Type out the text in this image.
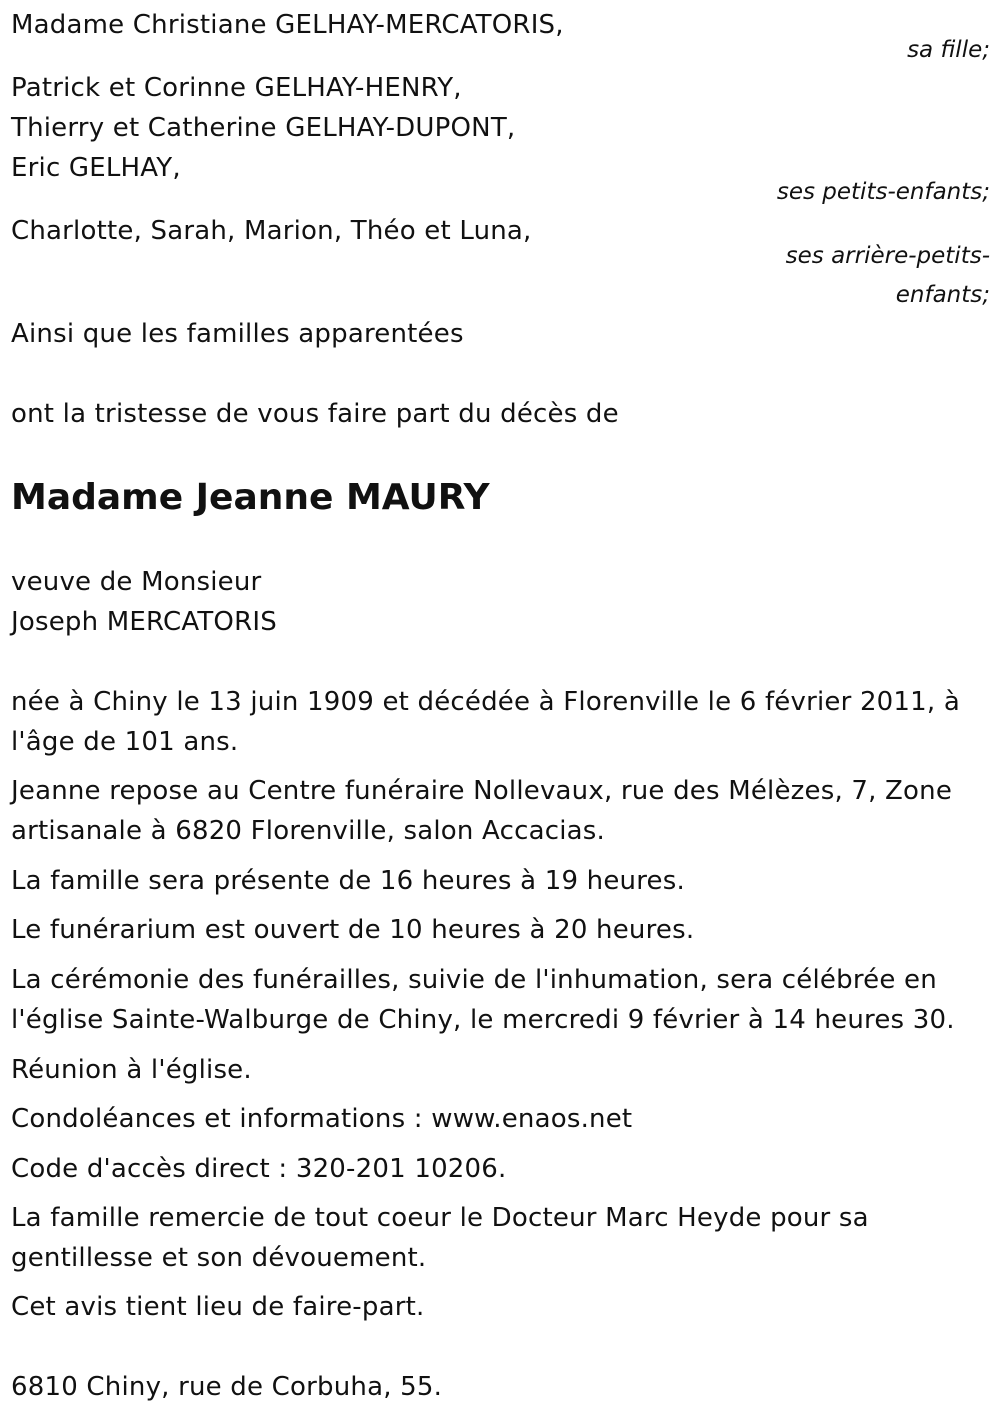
Madame Christiane GELHAY-MERCATORIS,
sa fille;
Patrick et Corinne GELHAY-HENRY,
Thierry et Catherine GELHAY-DUPONT,
Eric GELHAY,
ses petits-enfants;
Charlotte, Sarah, Marion, Théo et Luna,
ses arrière-petits-
enfants;
Ainsi que les familles apparentées
ont la tristesse de vous faire part du décès de
Madame Jeanne MAURY
veuve de Monsieur
Joseph MERCATORIS
née à Chiny le 13 juin 1909 et décédée à Florenville le 6 février 2011, à
l'âge de 101 ans.
Jeanne repose au Centre funéraire Nollevaux, rue des Mélèzes, 7, Zone
artisanale à 6820 Florenville, salon Accacias.
La famille sera présente de 16 heures à 19 heures.
Le funérarium est ouvert de 10 heures à 20 heures.
La cérémonie des funérailles, suivie de l'inhumation, sera célébrée en
l'église Sainte-Walburge de Chiny, le mercredi 9 février à 14 heures 30.
Réunion à l'église.
Condoléances et informations : www.enaos.net
Code d'accès direct : 320-201 10206.
La famille remercie de tout coeur le Docteur Marc Heyde pour sa
gentillesse et son dévouement.
Cet avis tient lieu de faire-part.
6810 Chiny, rue de Corbuha, 55.
